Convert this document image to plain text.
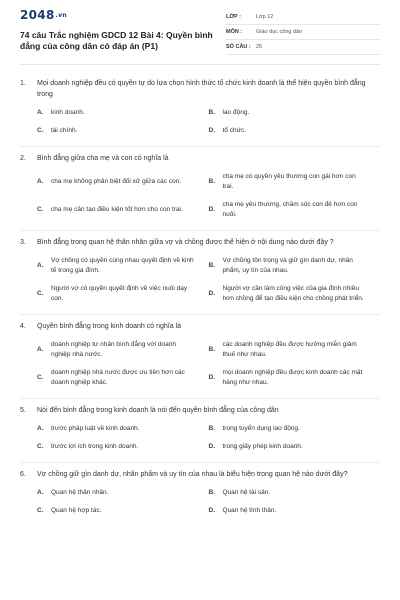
2048.vn
74 câu Trắc nghiệm GDCD 12 Bài 4: Quyền bình đẳng của công dân có đáp án (P1)
LỚP :	Lớp 12
MÔN :	Giáo dục công dân
SỐ CÂU : 25
1.	Mọi doanh nghiệp đều có quyền tự do lựa chọn hình thức tổ chức kinh doanh là thể hiện quyền bình đẳng trong
A.	kinh doanh.	B.	lao động.
C.	tài chính.	D.	tổ chức.
2.	Bình đẳng giữa cha mẹ và con có nghĩa là
A.	cha mẹ không phân biệt đối xử giữa các con.	B.
cha mẹ có quyền yêu thương con gái hơn con trai.
C.	cha mẹ cần tạo điều kiện tốt hơn cho con trai.	D.
cha mẹ yêu thương, chăm sóc con đẻ hơn con nuôi.
3.	Bình đẳng trong quan hệ thân nhân giữa vợ và chồng được thể hiện ở nội dung nào dưới đây ?
A.
Vợ chồng có quyền cùng nhau quyết định về kinh tế trong gia đình.
B.
Vợ chồng tôn trọng và giữ gìn danh dự, nhân phẩm, uy tín của nhau.
C.
Người vợ có quyền quyết định về việc nuôi dạy con.
D.
Người vợ cần làm công việc của gia đình nhiều hơn chồng để tạo điều kiện cho chồng phát triển.
4.	Quyền bình đẳng trong kinh doanh có nghĩa là
A.
doanh nghiệp tư nhân bình đẳng với doanh nghiệp nhà nước.
B.
các doanh nghiệp đều được hưởng miễn giảm thuế như nhau.
C.
doanh nghiệp nhà nước được ưu tiên hơn các doanh nghiệp khác.
D.
mọi doanh nghiệp đều được kinh doanh các mặt hàng như nhau.
5.	Nói đến bình đẳng trong kinh doanh là nói đến quyền bình đẳng của công dân
A.	trước pháp luật về kinh doanh.	B.	trong tuyển dụng lao động.
C.	trước lợi ích trong kinh doanh.	D.	trong giấy phép kinh doanh.
6.	Vợ chồng giữ gìn danh dự, nhân phẩm và uy tín của nhau là biểu hiện trong quan hệ nào dưới đây?
A.	Quan hệ thân nhân.	B.	Quan hệ tài sản.
C.	Quan hệ hợp tác.	D.	Quan hệ tình thân.
